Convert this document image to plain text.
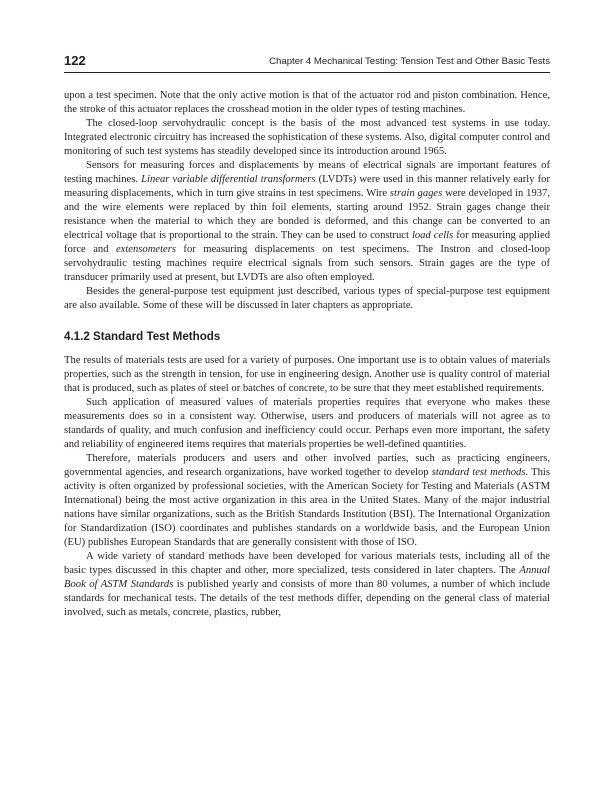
122	Chapter 4 Mechanical Testing: Tension Test and Other Basic Tests

upon a test specimen. Note that the only active motion is that of the actuator rod and piston combination. Hence, the stroke of this actuator replaces the crosshead motion in the older types of testing machines.

The closed-loop servohydraulic concept is the basis of the most advanced test systems in use today. Integrated electronic circuitry has increased the sophistication of these systems. Also, digital computer control and monitoring of such test systems has steadily developed since its introduction around 1965.

Sensors for measuring forces and displacements by means of electrical signals are important features of testing machines. Linear variable differential transformers (LVDTs) were used in this manner relatively early for measuring displacements, which in turn give strains in test specimens. Wire strain gages were developed in 1937, and the wire elements were replaced by thin foil elements, starting around 1952. Strain gages change their resistance when the material to which they are bonded is deformed, and this change can be converted to an electrical voltage that is proportional to the strain. They can be used to construct load cells for measuring applied force and extensometers for measuring displacements on test specimens. The Instron and closed-loop servohydraulic testing machines require electrical signals from such sensors. Strain gages are the type of transducer primarily used at present, but LVDTs are also often employed.

Besides the general-purpose test equipment just described, various types of special-purpose test equipment are also available. Some of these will be discussed in later chapters as appropriate.

4.1.2 Standard Test Methods

The results of materials tests are used for a variety of purposes. One important use is to obtain values of materials properties, such as the strength in tension, for use in engineering design. Another use is quality control of material that is produced, such as plates of steel or batches of concrete, to be sure that they meet established requirements.

Such application of measured values of materials properties requires that everyone who makes these measurements does so in a consistent way. Otherwise, users and producers of materials will not agree as to standards of quality, and much confusion and inefficiency could occur. Perhaps even more important, the safety and reliability of engineered items requires that materials properties be well-defined quantities.

Therefore, materials producers and users and other involved parties, such as practicing engineers, governmental agencies, and research organizations, have worked together to develop standard test methods. This activity is often organized by professional societies, with the American Society for Testing and Materials (ASTM International) being the most active organization in this area in the United States. Many of the major industrial nations have similar organizations, such as the British Standards Institution (BSI). The International Organization for Standardization (ISO) coordinates and publishes standards on a worldwide basis, and the European Union (EU) publishes European Standards that are generally consistent with those of ISO.

A wide variety of standard methods have been developed for various materials tests, including all of the basic types discussed in this chapter and other, more specialized, tests considered in later chapters. The Annual Book of ASTM Standards is published yearly and consists of more than 80 volumes, a number of which include standards for mechanical tests. The details of the test methods differ, depending on the general class of material involved, such as metals, concrete, plastics, rubber,
